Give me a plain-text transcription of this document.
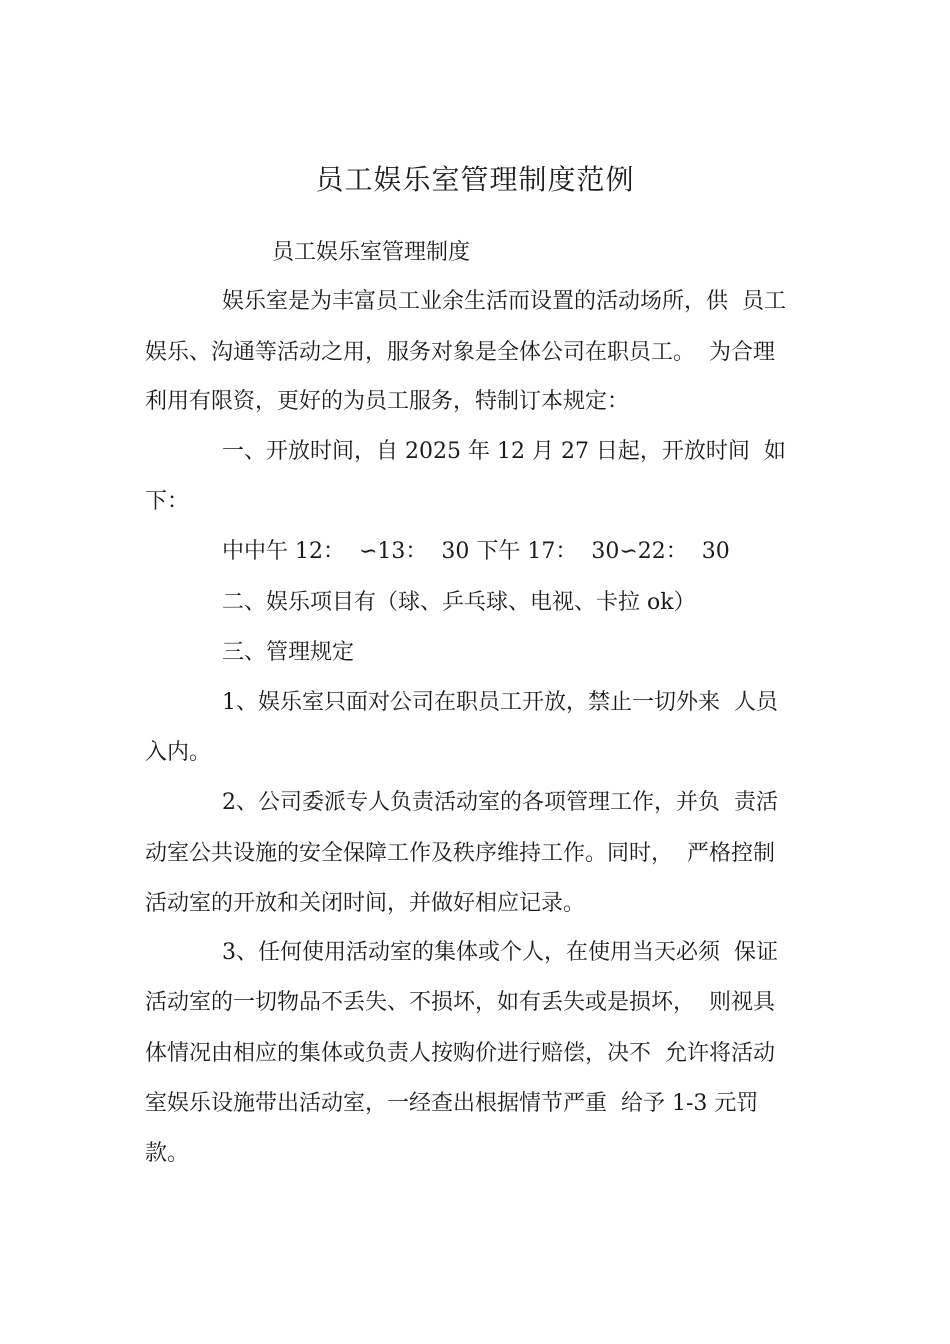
员工娱乐室管理制度范例
员工娱乐室管理制度
娱乐室是为丰富员工业余生活而设置的活动场所，供  员工
娱乐、沟通等活动之用，服务对象是全体公司在职员工。  为合理
利用有限资，更好的为员工服务，特制订本规定：
一、开放时间，自 2025 年 12 月 27 日起，开放时间  如
下：
中中午 12：  ∽13：  30 下午 17：  30∽22：  30
二、娱乐项目有（球、乒乓球、电视、卡拉 ok）
三、管理规定
1、娱乐室只面对公司在职员工开放，禁止一切外来  人员
入内。
2、公司委派专人负责活动室的各项管理工作，并负  责活
动室公共设施的安全保障工作及秩序维持工作。同时，  严格控制
活动室的开放和关闭时间，并做好相应记录。
3、任何使用活动室的集体或个人，在使用当天必须  保证
活动室的一切物品不丢失、不损坏，如有丢失或是损坏，  则视具
体情况由相应的集体或负责人按购价进行赔偿，决不  允许将活动
室娱乐设施带出活动室，一经查出根据情节严重  给予 1-3 元罚
款。
